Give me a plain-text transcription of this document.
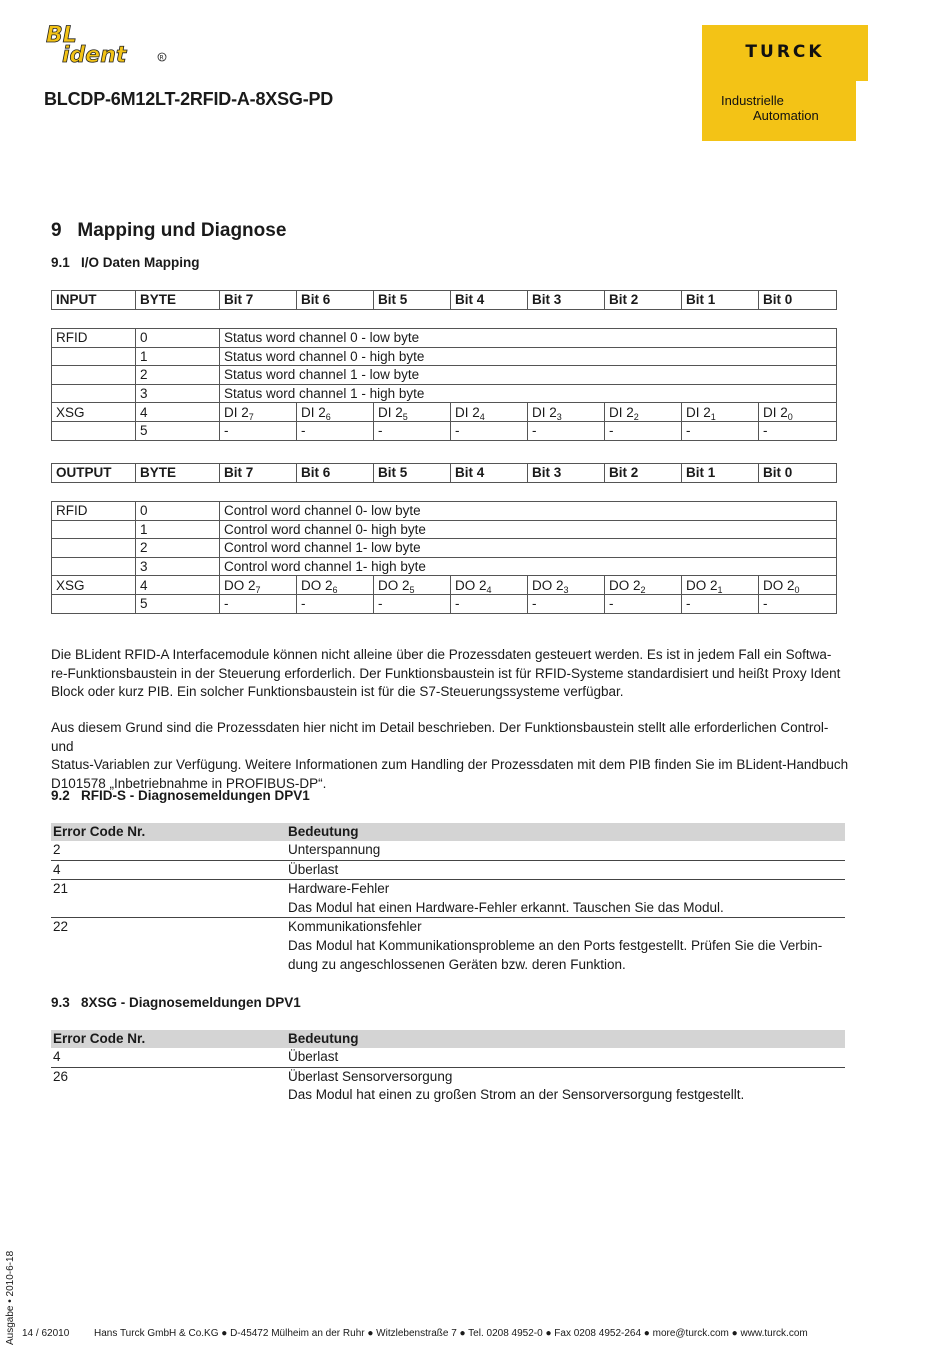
BL
ident	R
BLCDP-6M12LT-2RFID-A-8XSG-PD
TURCK
Industrielle
Automation
9   Mapping und Diagnose
9.1   I/O Daten Mapping
INPUT	BYTE	Bit 7	Bit 6	Bit 5	Bit 4	Bit 3	Bit 2	Bit 1	Bit 0
RFID	0	Status word channel 0 - low byte							
	1	Status word channel 0 - high byte							
	2	Status word channel 1 - low byte							
	3	Status word channel 1 - high byte							
XSG	4	DI $2_7$	DI $2_6$	DI $2_5$	DI $2_4$	DI $2_3$	DI $2_2$	DI $2_1$	DI $2_0$
	5	-	-	-	-	-	-	-	-
OUTPUT	BYTE	Bit 7	Bit 6	Bit 5	Bit 4	Bit 3	Bit 2	Bit 1	Bit 0
RFID	0	Control word channel 0- low byte							
	1	Control word channel 0- high byte							
	2	Control word channel 1- low byte							
	3	Control word channel 1- high byte							
XSG	4	DO $2_7$	DO $2_6$	DO $2_5$	DO $2_4$	DO $2_3$	DO $2_2$	DO $2_1$	DO $2_0$
	5	-	-	-	-	-	-	-	-
Die BLident RFID-A Interfacemodule können nicht alleine über die Prozessdaten gesteuert werden. Es ist in jedem Fall ein Softwa-
re-Funktionsbaustein in der Steuerung erforderlich. Der Funktionsbaustein ist für RFID-Systeme standardisiert und heißt Proxy Ident
Block oder kurz PIB. Ein solcher Funktionsbaustein ist für die S7-Steuerungssysteme verfügbar.
Aus diesem Grund sind die Prozessdaten hier nicht im Detail beschrieben. Der Funktionsbaustein stellt alle erforderlichen Control- und
Status-Variablen zur Verfügung. Weitere Informationen zum Handling der Prozessdaten mit dem PIB finden Sie im BLident-Handbuch
D101578 „Inbetriebnahme in PROFIBUS-DP“.
9.2   RFID-S - Diagnosemeldungen DPV1
Error Code Nr.	Bedeutung
2	Unterspannung

4	Überlast

21	Hardware-Fehler
Das Modul hat einen Hardware-Fehler erkannt. Tauschen Sie das Modul.

22	Kommunikationsfehler
Das Modul hat Kommunikationsprobleme an den Ports festgestellt. Prüfen Sie die Verbin-
dung zu angeschlossenen Geräten bzw. deren Funktion.
9.3   8XSG - Diagnosemeldungen DPV1
Error Code Nr.	Bedeutung
4	Überlast

26	Überlast Sensorversorgung
Das Modul hat einen zu großen Strom an der Sensorversorgung festgestellt.
Ausgabe • 2010-6-18 14 / 62010 Hans Turck GmbH & Co.KG ● D-45472 Mülheim an der Ruhr ● Witzlebenstraße 7 ● Tel. 0208 4952-0 ● Fax 0208 4952-264 ● more@turck.com ● www.turck.com
